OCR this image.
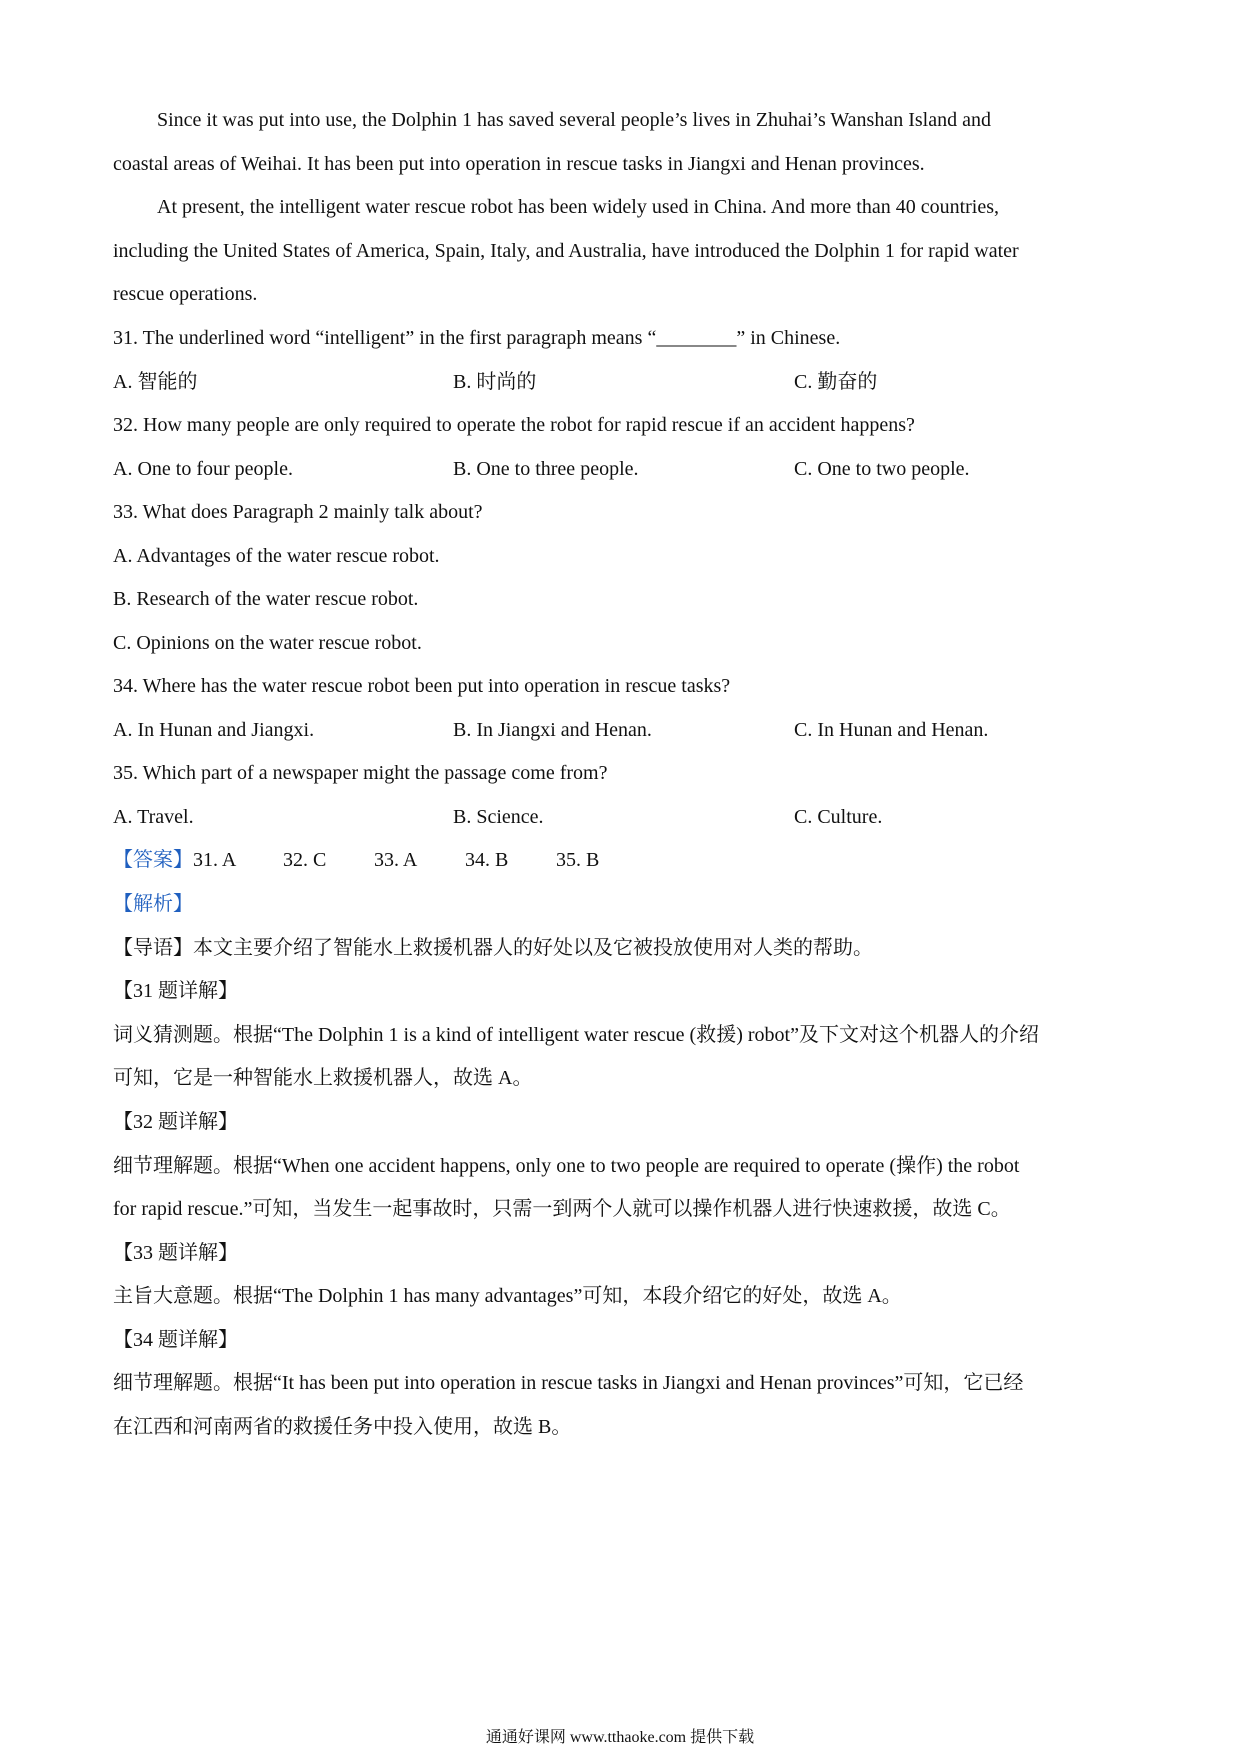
Since it was put into use, the Dolphin 1 has saved several people’s lives in Zhuhai’s Wanshan Island and
coastal areas of Weihai. It has been put into operation in rescue tasks in Jiangxi and Henan provinces.
At present, the intelligent water rescue robot has been widely used in China. And more than 40 countries,
including the United States of America, Spain, Italy, and Australia, have introduced the Dolphin 1 for rapid water
rescue operations.
31. The underlined word “intelligent” in the first paragraph means “________” in Chinese.
A. 智能的	B. 时尚的	C. 勤奋的
32. How many people are only required to operate the robot for rapid rescue if an accident happens?
A. One to four people.	B. One to three people.	C. One to two people.
33. What does Paragraph 2 mainly talk about?
A. Advantages of the water rescue robot.
B. Research of the water rescue robot.
C. Opinions on the water rescue robot.
34. Where has the water rescue robot been put into operation in rescue tasks?
A. In Hunan and Jiangxi.	B. In Jiangxi and Henan.	C. In Hunan and Henan.
35. Which part of a newspaper might the passage come from?
A. Travel.	B. Science.	C. Culture.
【答案】31. A 32. C 33. A 34. B 35. B
【解析】
【导语】本文主要介绍了智能水上救援机器人的好处以及它被投放使用对人类的帮助。
【31 题详解】
词义猜测题。根据“The Dolphin 1 is a kind of intelligent water rescue (救援) robot”及下文对这个机器人的介绍
可知，它是一种智能水上救援机器人，故选 A。
【32 题详解】
细节理解题。根据“When one accident happens, only one to two people are required to operate (操作) the robot
for rapid rescue.”可知，当发生一起事故时，只需一到两个人就可以操作机器人进行快速救援，故选 C。
【33 题详解】
主旨大意题。根据“The Dolphin 1 has many advantages”可知，本段介绍它的好处，故选 A。
【34 题详解】
细节理解题。根据“It has been put into operation in rescue tasks in Jiangxi and Henan provinces”可知，它已经
在江西和河南两省的救援任务中投入使用，故选 B。
通通好课网 www.tthaoke.com 提供下载
